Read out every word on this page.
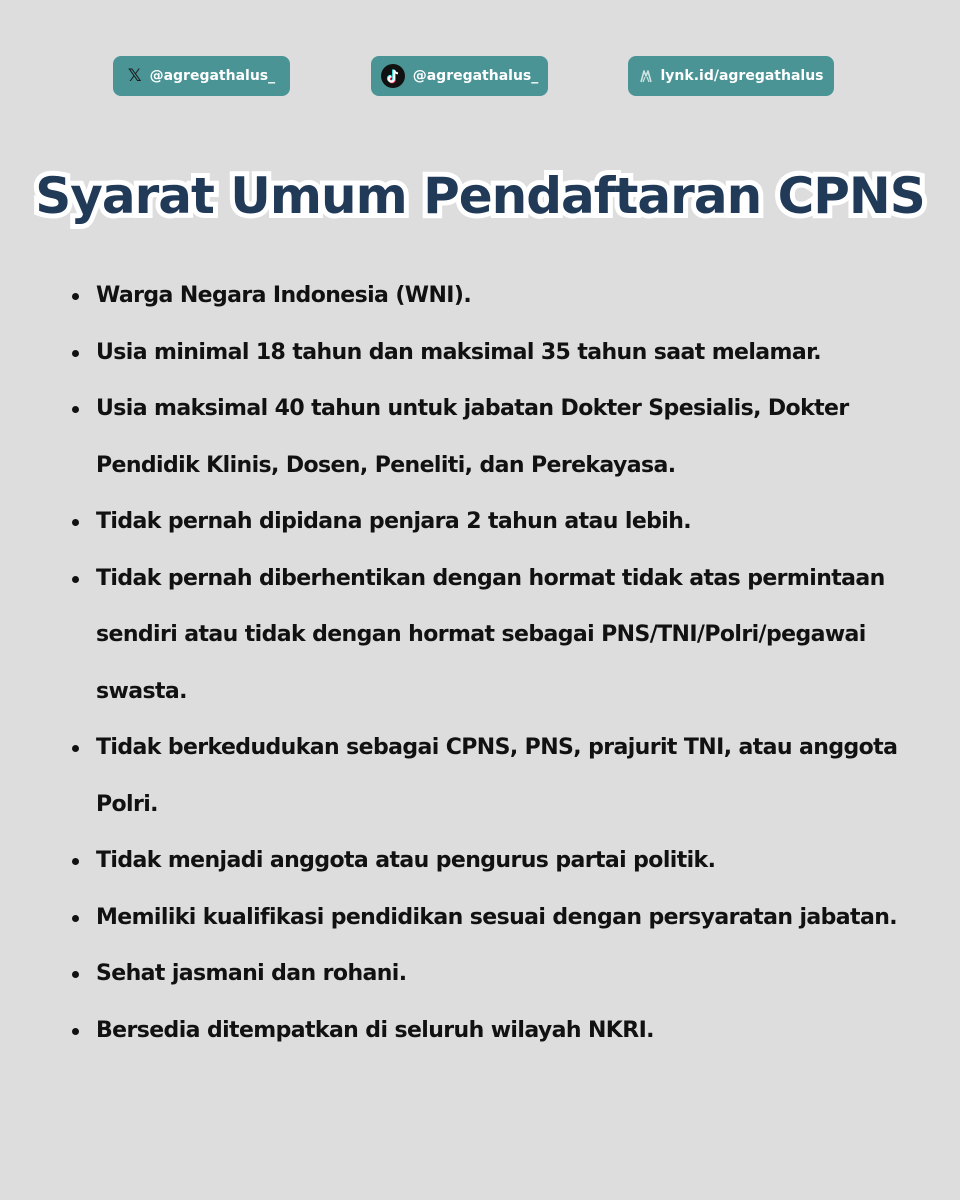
𝕏 @agregathalus_	@agregathalus_	lynk.id/agregathalus
Syarat Umum Pendaftaran CPNS
Warga Negara Indonesia (WNI).
Usia minimal 18 tahun dan maksimal 35 tahun saat melamar.
Usia maksimal 40 tahun untuk jabatan Dokter Spesialis, Dokter Pendidik Klinis, Dosen, Peneliti, dan Perekayasa.
Tidak pernah dipidana penjara 2 tahun atau lebih.
Tidak pernah diberhentikan dengan hormat tidak atas permintaan sendiri atau tidak dengan hormat sebagai PNS/TNI/Polri/pegawai swasta.
Tidak berkedudukan sebagai CPNS, PNS, prajurit TNI, atau anggota Polri.
Tidak menjadi anggota atau pengurus partai politik.
Memiliki kualifikasi pendidikan sesuai dengan persyaratan jabatan.
Sehat jasmani dan rohani.
Bersedia ditempatkan di seluruh wilayah NKRI.
